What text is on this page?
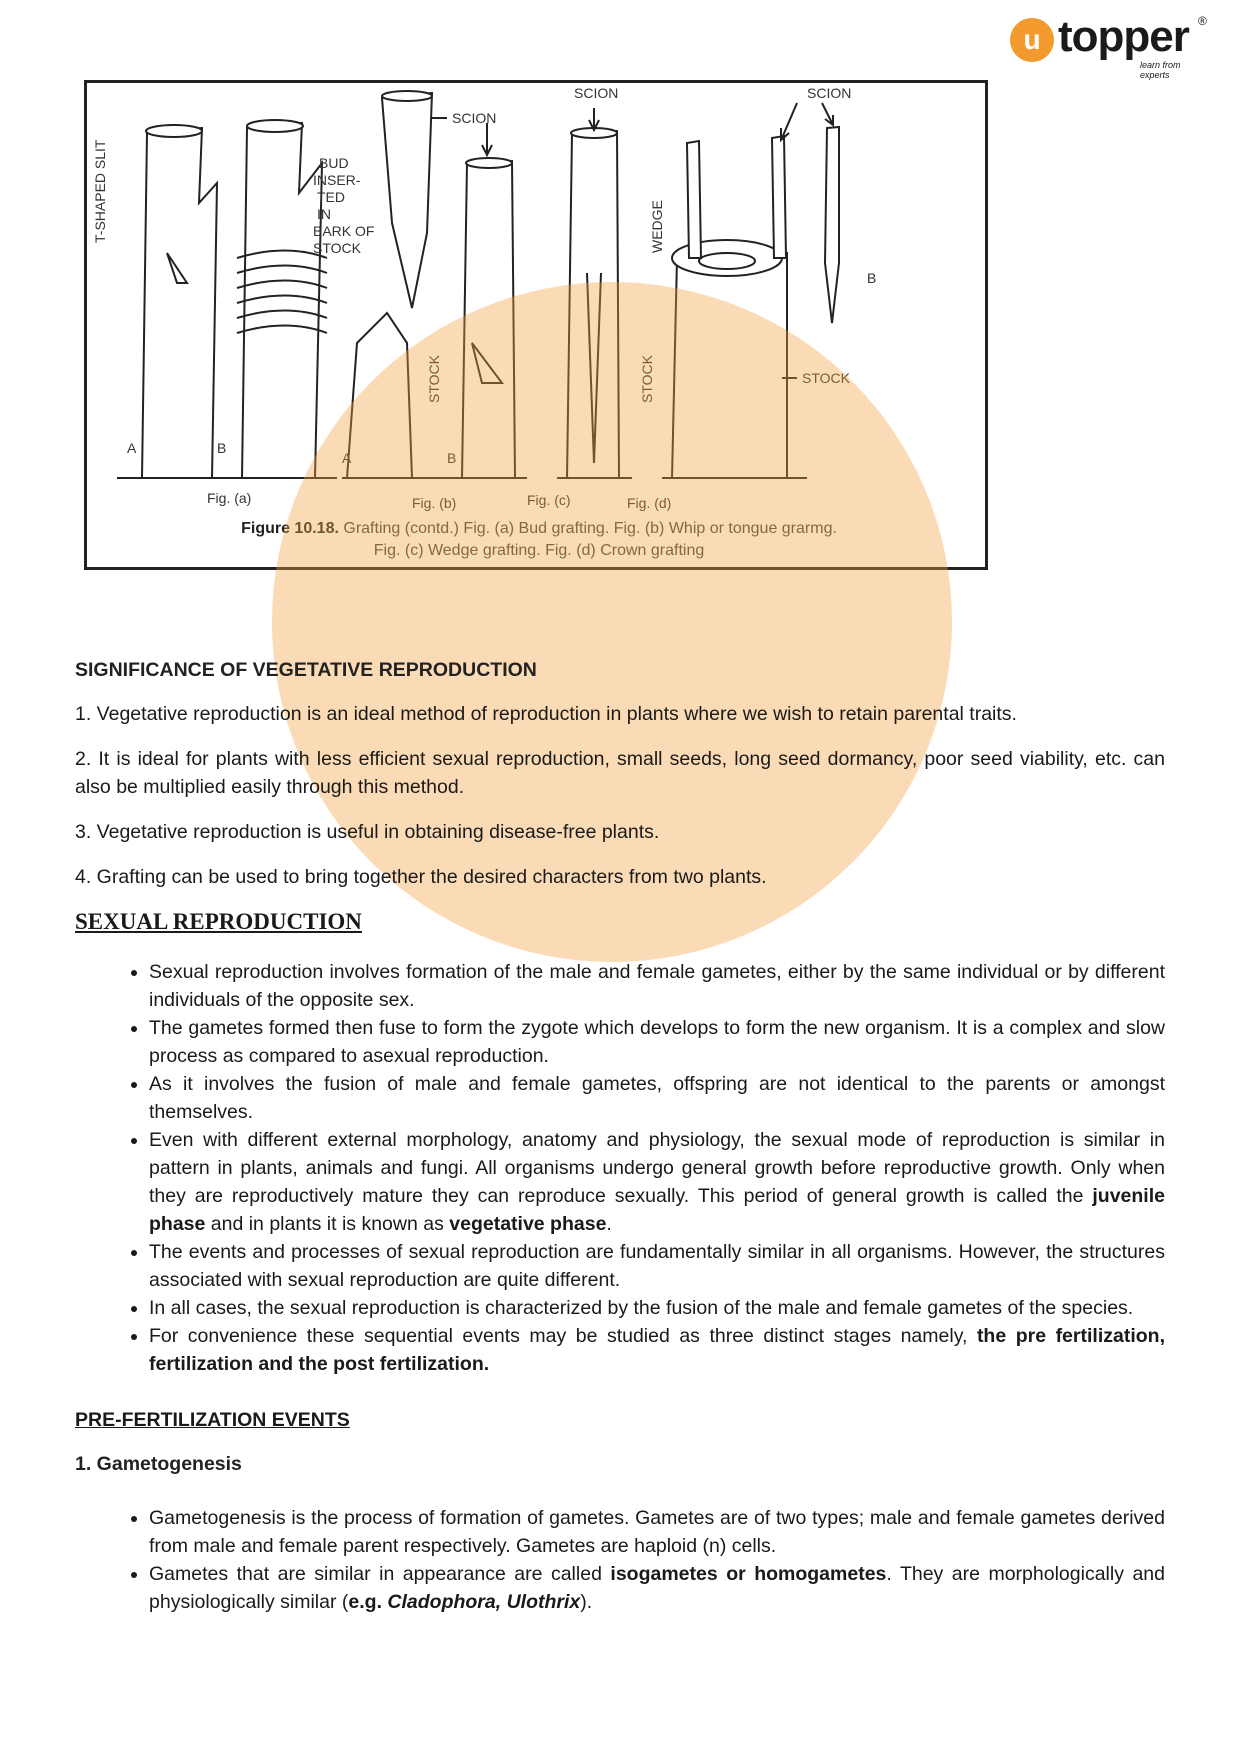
u topper ®
learn from experts
T-SHAPED SLIT	BUD
INSER-
TED
IN
BARK OF
STOCK
SCION
SCION	SCION
STOCK
WEDGE
STOCK	STOCK
A	B
A	B
B
Fig. (a)	Fig. (b)	Fig. (c)	Fig. (d)
Figure 10.18. Grafting (contd.) Fig. (a) Bud grafting. Fig. (b) Whip or tongue grarmg.
Fig. (c) Wedge grafting. Fig. (d) Crown grafting
SIGNIFICANCE OF VEGETATIVE REPRODUCTION

1. Vegetative reproduction is an ideal method of reproduction in plants where we wish to retain parental traits.

2. It is ideal for plants with less efficient sexual reproduction, small seeds, long seed dormancy, poor seed viability, etc. can also be multiplied easily through this method.

3. Vegetative reproduction is useful in obtaining disease-free plants.

4. Grafting can be used to bring together the desired characters from two plants.

SEXUAL REPRODUCTION
• Sexual reproduction involves formation of the male and female gametes, either by the same individual or by different individuals of the opposite sex.
• The gametes formed then fuse to form the zygote which develops to form the new organism. It is a complex and slow process as compared to asexual reproduction.
• As it involves the fusion of male and female gametes, offspring are not identical to the parents or amongst themselves.
• Even with different external morphology, anatomy and physiology, the sexual mode of reproduction is similar in pattern in plants, animals and fungi. All organisms undergo general growth before reproductive growth. Only when they are reproductively mature they can reproduce sexually. This period of general growth is called the juvenile phase and in plants it is known as vegetative phase.
• The events and processes of sexual reproduction are fundamentally similar in all organisms. However, the structures associated with sexual reproduction are quite different.
• In all cases, the sexual reproduction is characterized by the fusion of the male and female gametes of the species.
• For convenience these sequential events may be studied as three distinct stages namely, the pre fertilization, fertilization and the post fertilization.
PRE-FERTILIZATION EVENTS
1. Gametogenesis
• Gametogenesis is the process of formation of gametes. Gametes are of two types; male and female gametes derived from male and female parent respectively. Gametes are haploid (n) cells.
• Gametes that are similar in appearance are called isogametes or homogametes. They are morphologically and physiologically similar (e.g. Cladophora, Ulothrix).
